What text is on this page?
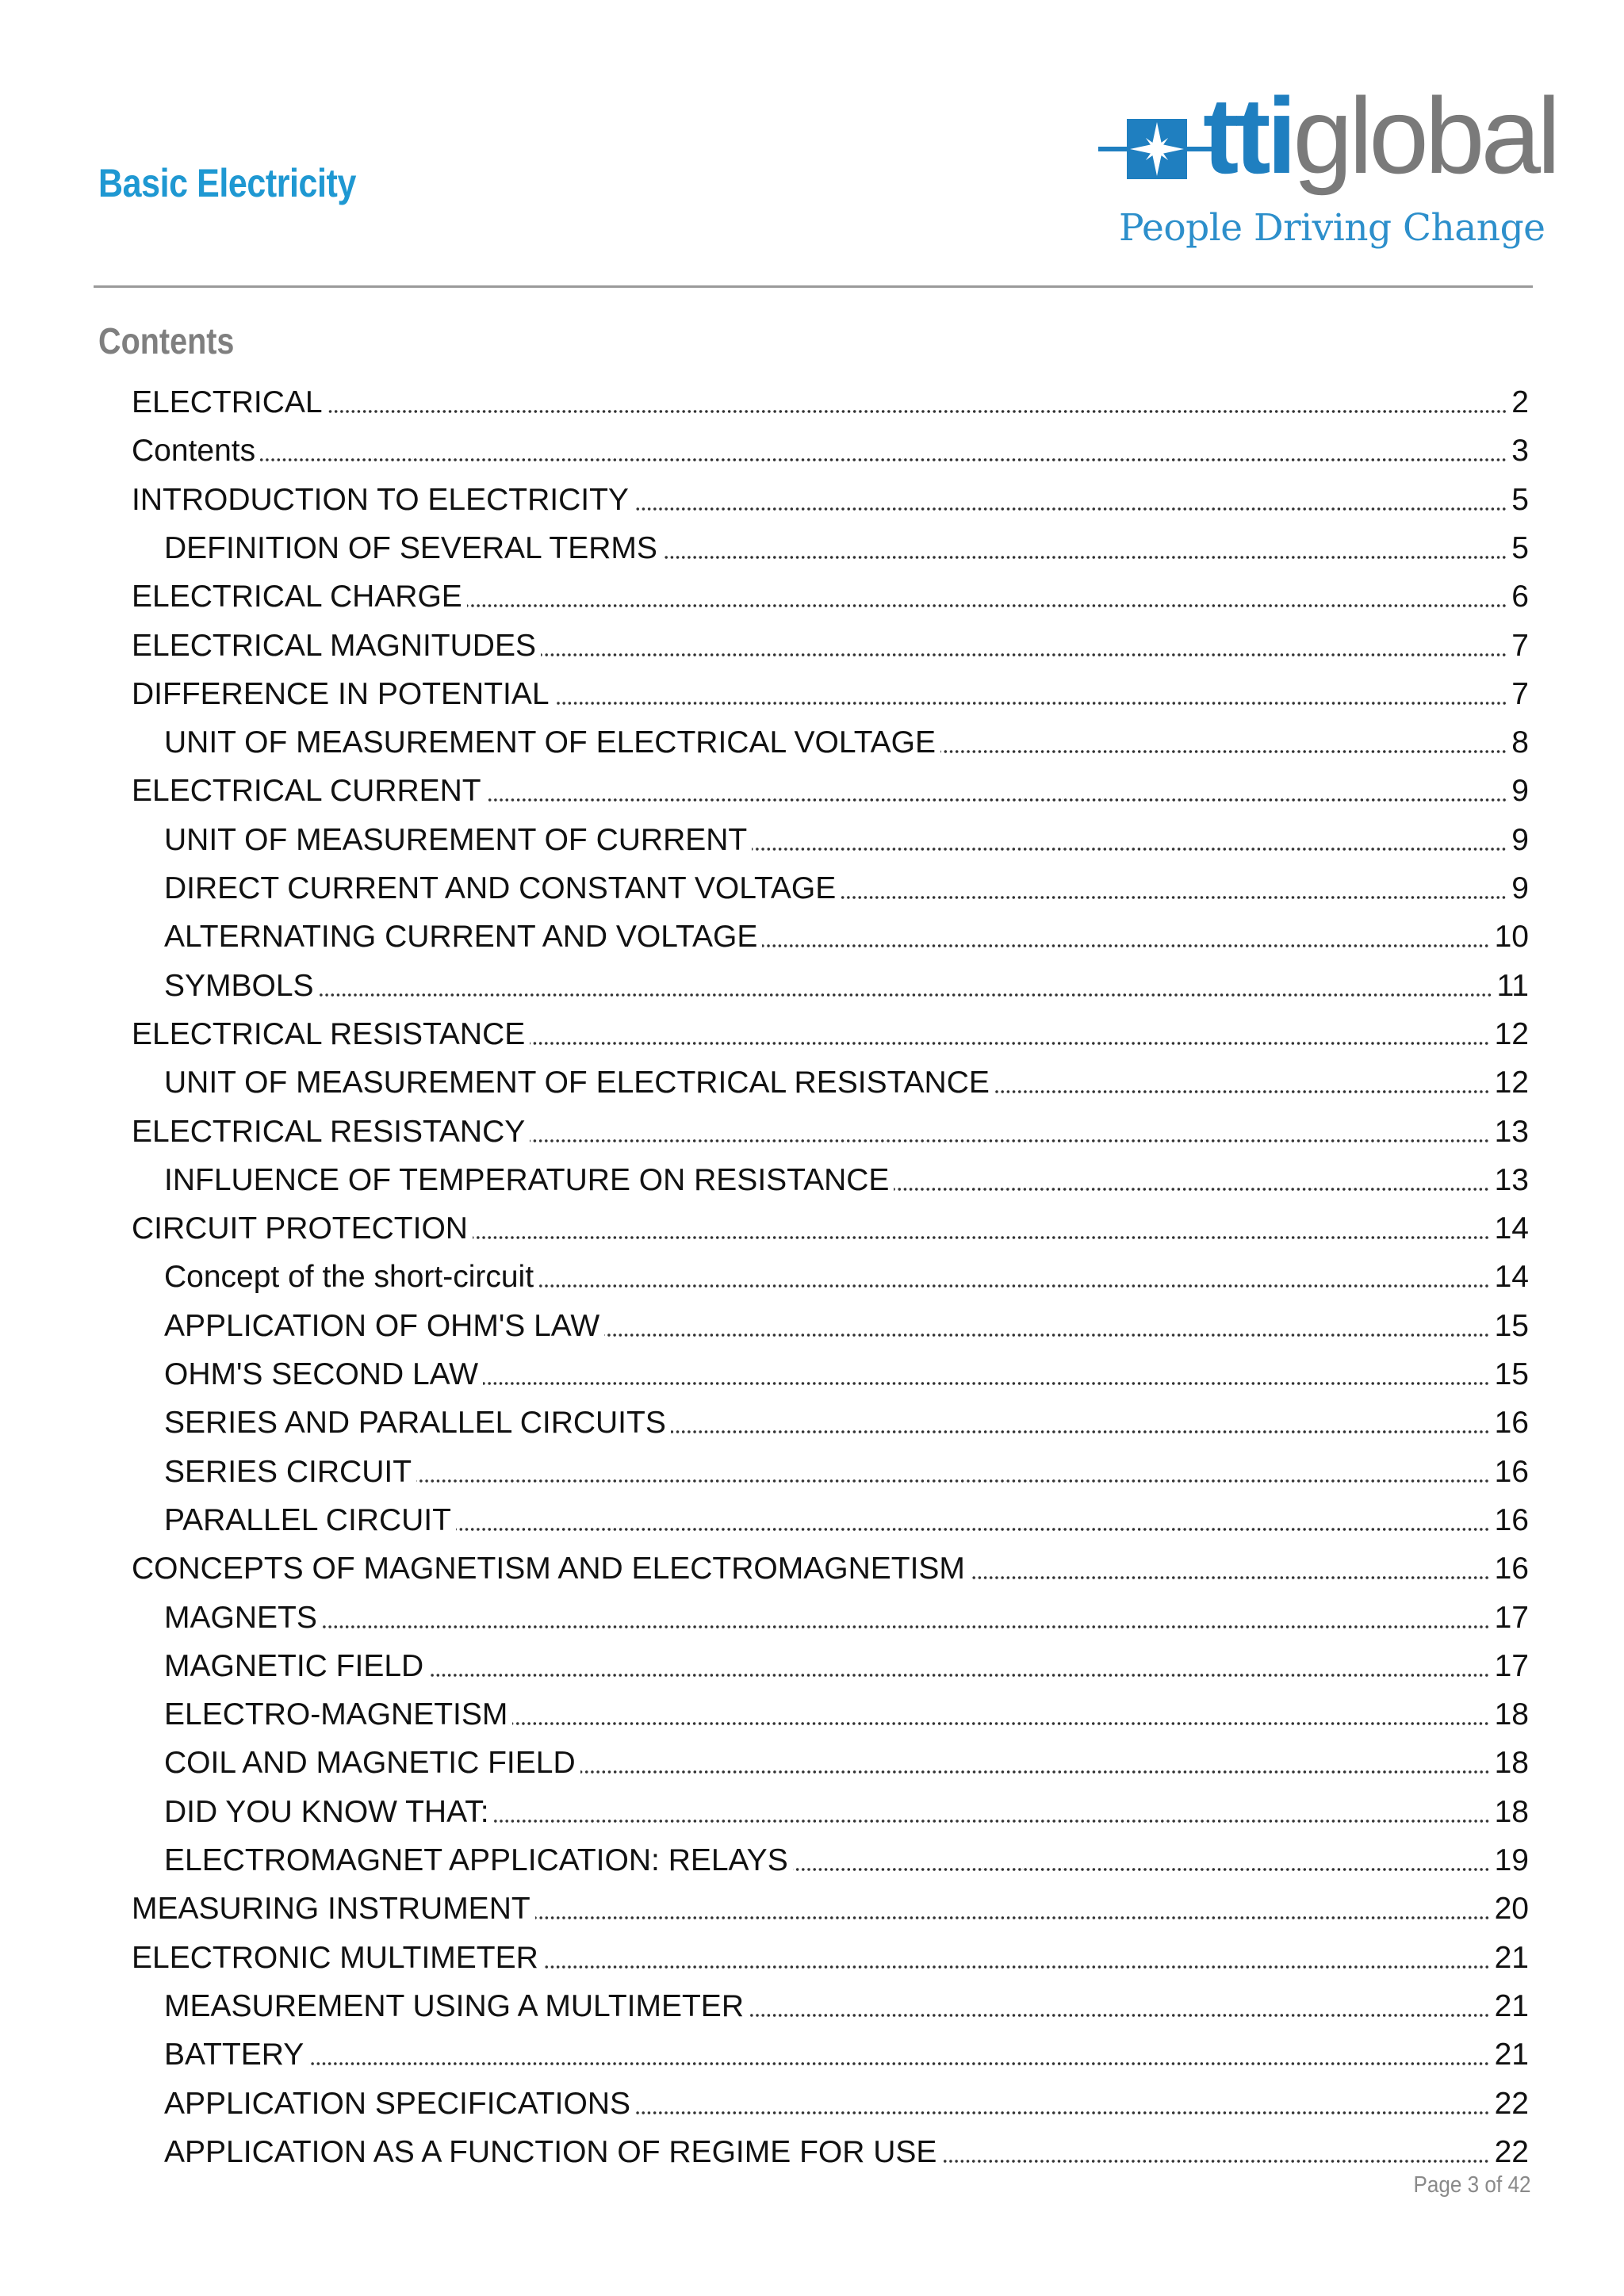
Basic Electricity	ttiglobal
People Driving Change
Contents
ELECTRICAL	2
Contents	3
INTRODUCTION TO ELECTRICITY	5
DEFINITION OF SEVERAL TERMS	5
ELECTRICAL CHARGE	6
ELECTRICAL MAGNITUDES	7
DIFFERENCE IN POTENTIAL	7
UNIT OF MEASUREMENT OF ELECTRICAL VOLTAGE	8
ELECTRICAL CURRENT	9
UNIT OF MEASUREMENT OF CURRENT	9
DIRECT CURRENT AND CONSTANT VOLTAGE	9
ALTERNATING CURRENT AND VOLTAGE	10
SYMBOLS	11
ELECTRICAL RESISTANCE	12
UNIT OF MEASUREMENT OF ELECTRICAL RESISTANCE	12
ELECTRICAL RESISTANCY	13
INFLUENCE OF TEMPERATURE ON RESISTANCE	13
CIRCUIT PROTECTION	14
Concept of the short-circuit	14
APPLICATION OF OHM'S LAW	15
OHM'S SECOND LAW	15
SERIES AND PARALLEL CIRCUITS	16
SERIES CIRCUIT	16
PARALLEL CIRCUIT	16
CONCEPTS OF MAGNETISM AND ELECTROMAGNETISM	16
MAGNETS	17
MAGNETIC FIELD	17
ELECTRO-MAGNETISM	18
COIL AND MAGNETIC FIELD	18
DID YOU KNOW THAT:	18
ELECTROMAGNET APPLICATION: RELAYS	19
MEASURING INSTRUMENT	20
ELECTRONIC MULTIMETER	21
MEASUREMENT USING A MULTIMETER	21
BATTERY	21
APPLICATION SPECIFICATIONS	22
APPLICATION AS A FUNCTION OF REGIME FOR USE	22
Page 3 of 42
